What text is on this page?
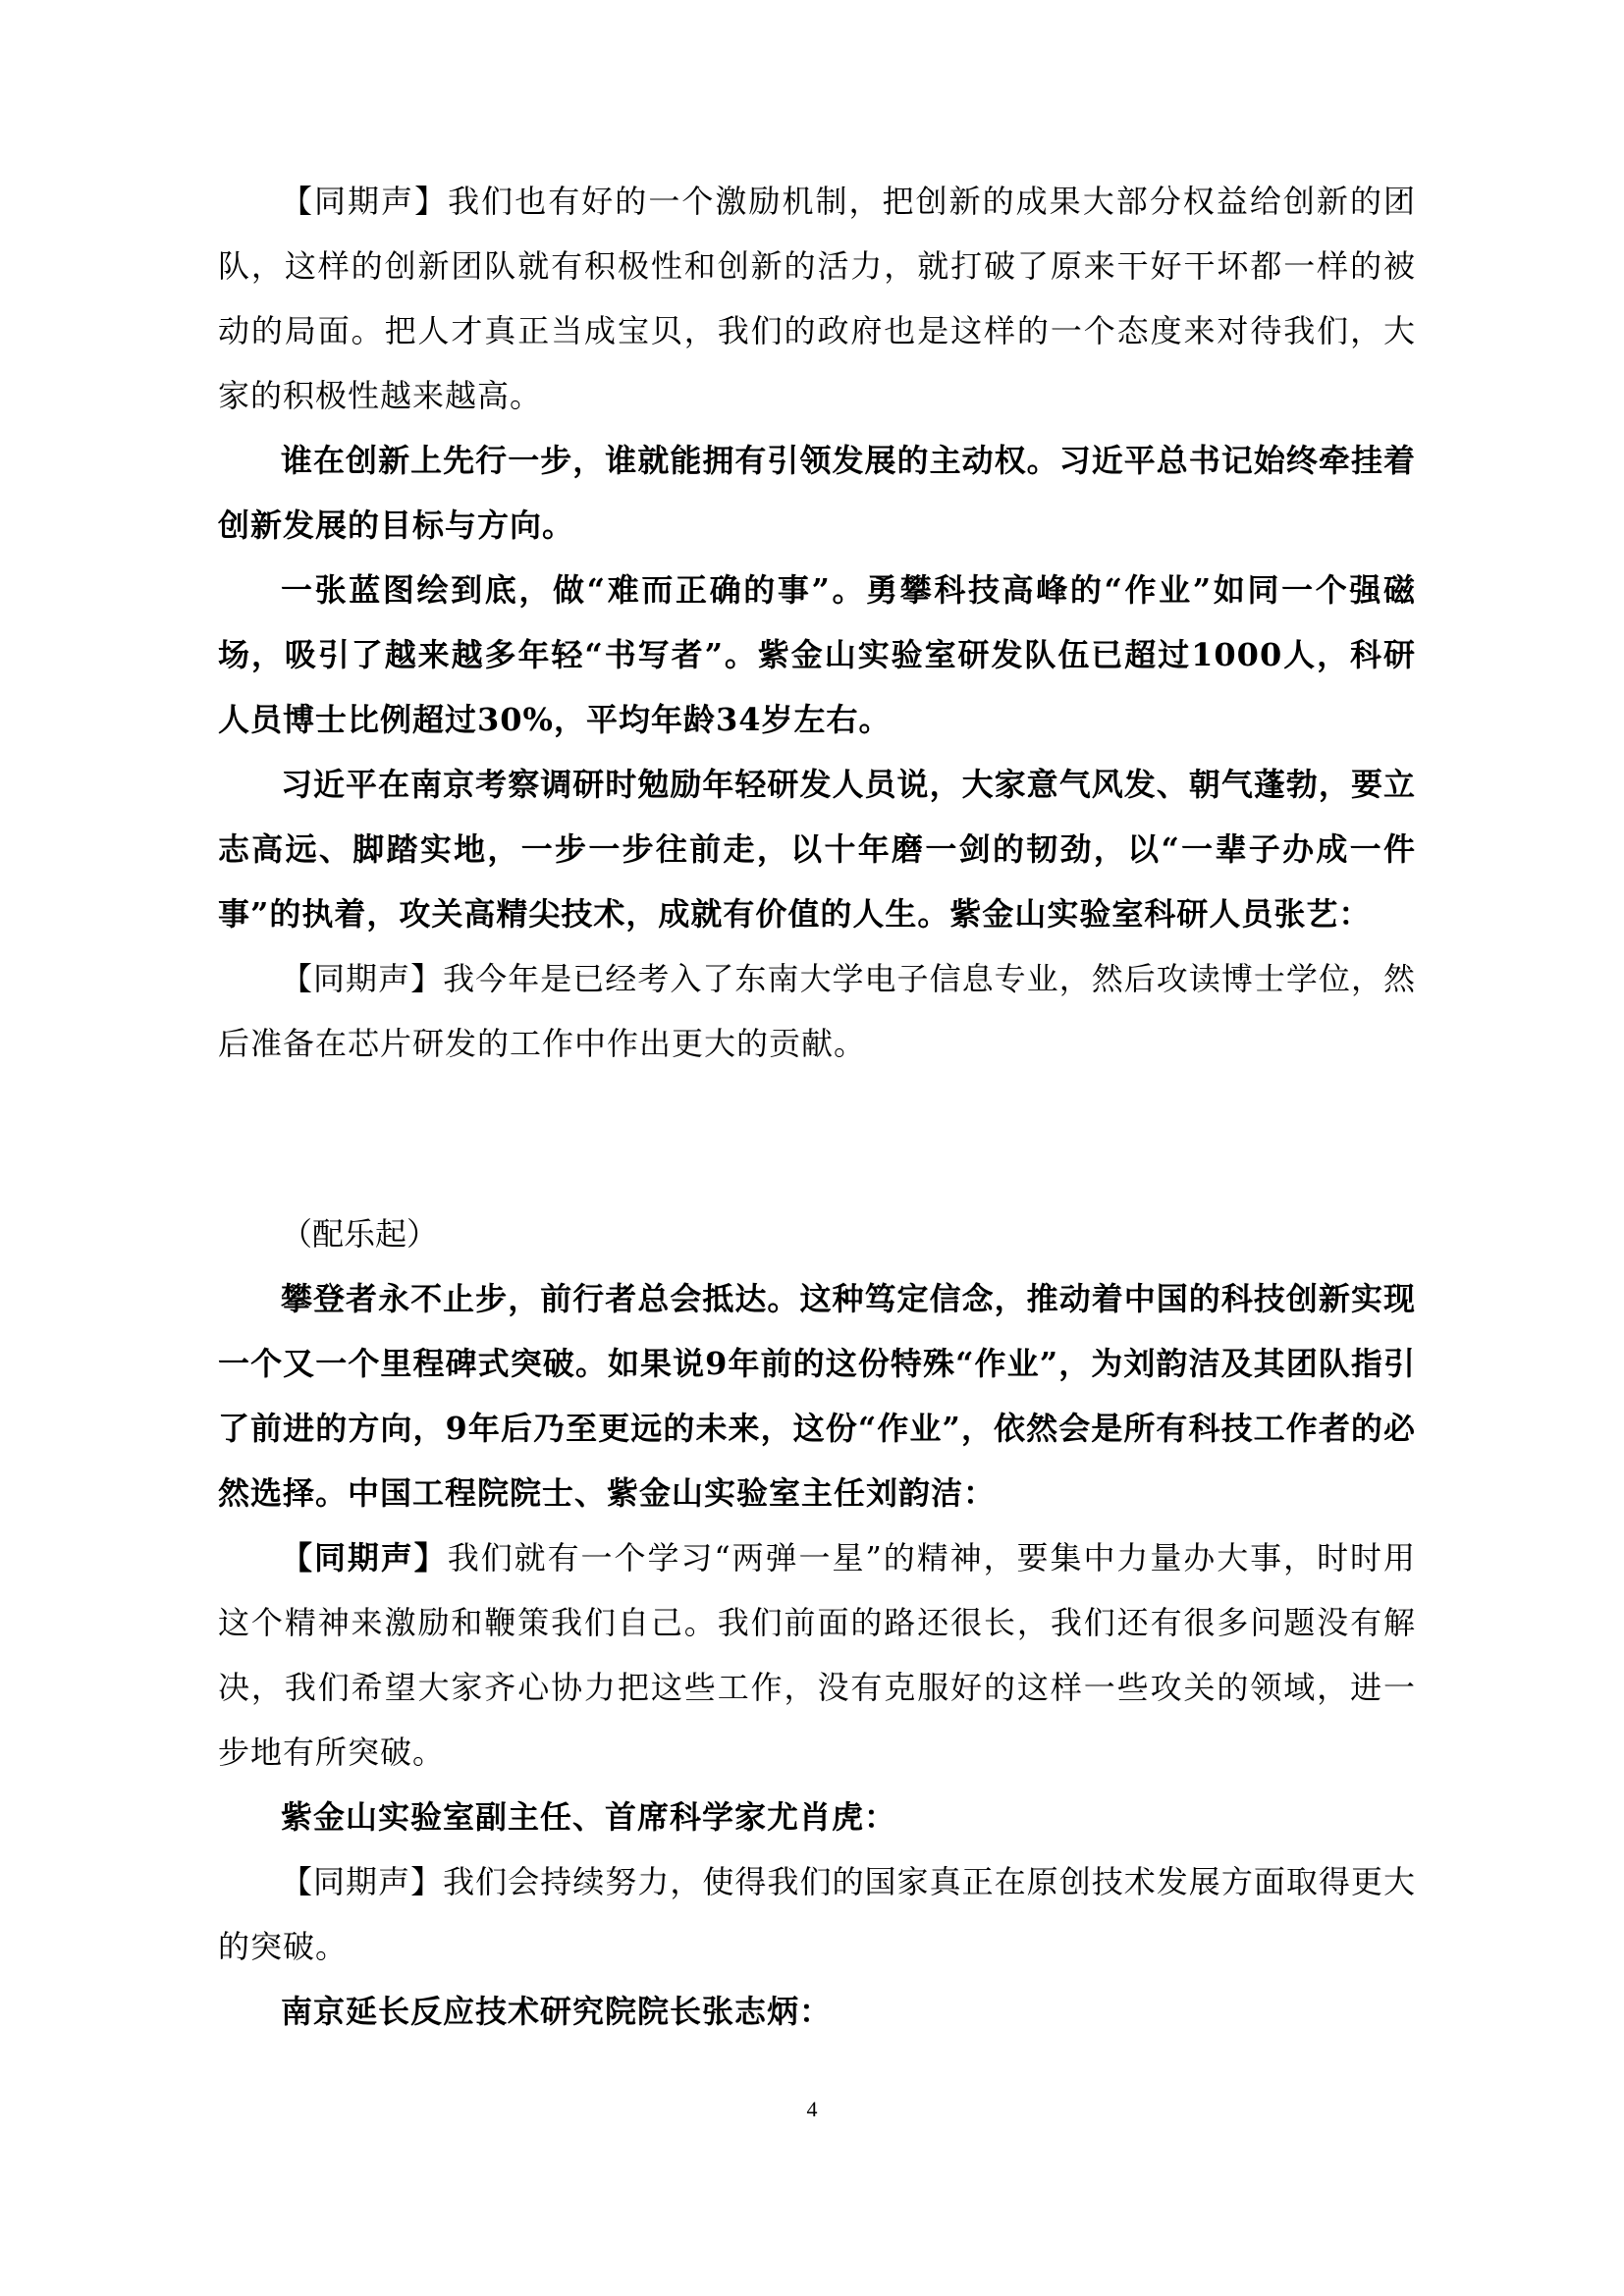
【同期声】我们也有好的一个激励机制，把创新的成果大部分权益给创新的团队，这样的创新团队就有积极性和创新的活力，就打破了原来干好干坏都一样的被动的局面。把人才真正当成宝贝，我们的政府也是这样的一个态度来对待我们，大家的积极性越来越高。

谁在创新上先行一步，谁就能拥有引领发展的主动权。习近平总书记始终牵挂着创新发展的目标与方向。

一张蓝图绘到底，做“难而正确的事”。勇攀科技高峰的“作业”如同一个强磁场，吸引了越来越多年轻“书写者”。紫金山实验室研发队伍已超过1000人，科研人员博士比例超过30%，平均年龄34岁左右。

习近平在南京考察调研时勉励年轻研发人员说，大家意气风发、朝气蓬勃，要立志高远、脚踏实地，一步一步往前走，以十年磨一剑的韧劲，以“一辈子办成一件事”的执着，攻关高精尖技术，成就有价值的人生。紫金山实验室科研人员张艺：

【同期声】我今年是已经考入了东南大学电子信息专业，然后攻读博士学位，然后准备在芯片研发的工作中作出更大的贡献。

（配乐起）

攀登者永不止步，前行者总会抵达。这种笃定信念，推动着中国的科技创新实现一个又一个里程碑式突破。如果说9年前的这份特殊“作业”，为刘韵洁及其团队指引了前进的方向，9年后乃至更远的未来，这份“作业”，依然会是所有科技工作者的必然选择。中国工程院院士、紫金山实验室主任刘韵洁：

【同期声】我们就有一个学习“两弹一星”的精神，要集中力量办大事，时时用这个精神来激励和鞭策我们自己。我们前面的路还很长，我们还有很多问题没有解决，我们希望大家齐心协力把这些工作，没有克服好的这样一些攻关的领域，进一步地有所突破。

紫金山实验室副主任、首席科学家尤肖虎：

【同期声】我们会持续努力，使得我们的国家真正在原创技术发展方面取得更大的突破。

南京延长反应技术研究院院长张志炳：

4
